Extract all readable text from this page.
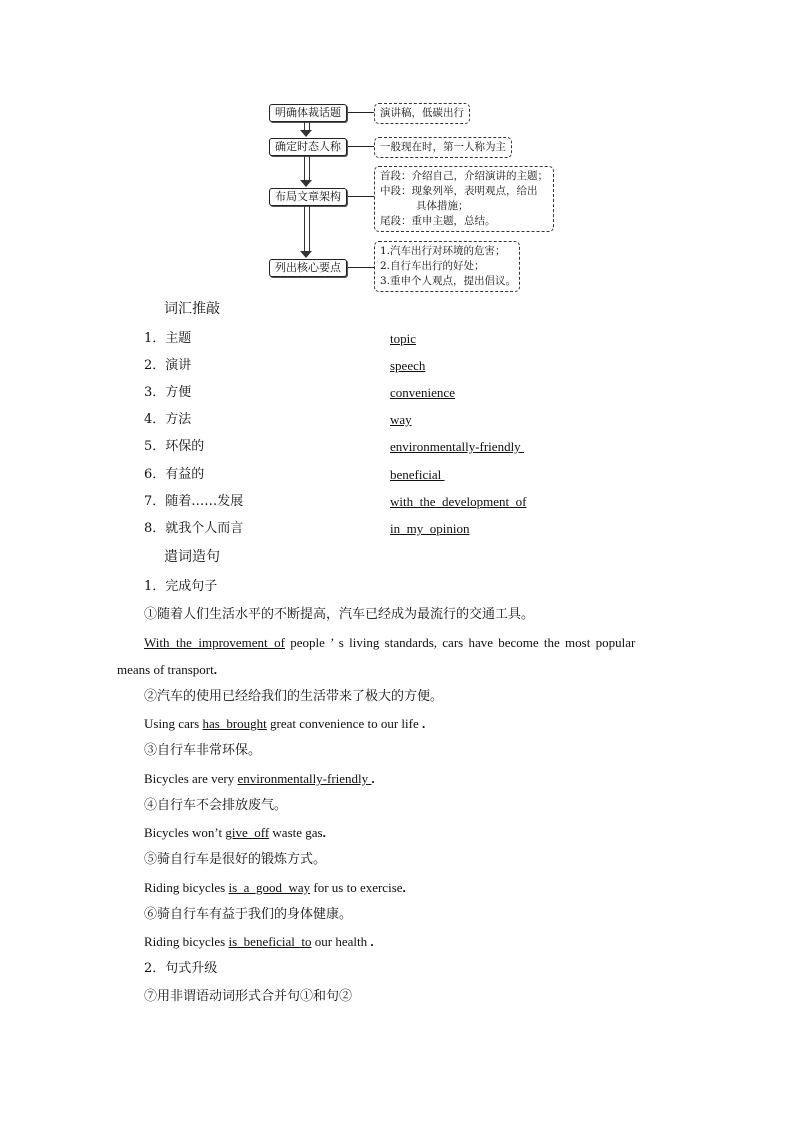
明确体裁话题
确定时态人称
布局文章架构
列出核心要点
演讲稿，低碳出行
一般现在时，第一人称为主
首段：介绍自己，介绍演讲的主题；
中段：现象列举，表明观点，给出
具体措施；
尾段：重申主题，总结。
1.汽车出行对环境的危害；
2.自行车出行的好处；
3.重申个人观点，提出倡议。
词汇推敲
1．主题	topic
2．演讲	speech
3．方便	convenience
4．方法	way
5．环保的	environmentally-friendly
6．有益的	beneficial
7．随着……发展	with_the_development_of
8．就我个人而言	in_my_opinion
遣词造句
1．完成句子
①随着人们生活水平的不断提高，汽车已经成为最流行的交通工具。
With_the_improvement_of people ’ s living standards, cars have become the most popular
means of transport.
②汽车的使用已经给我们的生活带来了极大的方便。
Using cars has_brought great convenience to our life .
③自行车非常环保。
Bicycles are very environmentally-friendly .
④自行车不会排放废气。
Bicycles won’t give_off waste gas.
⑤骑自行车是很好的锻炼方式。
Riding bicycles is_a_good_way for us to exercise.
⑥骑自行车有益于我们的身体健康。
Riding bicycles is_beneficial_to our health .
2．句式升级
⑦用非谓语动词形式合并句①和句②
